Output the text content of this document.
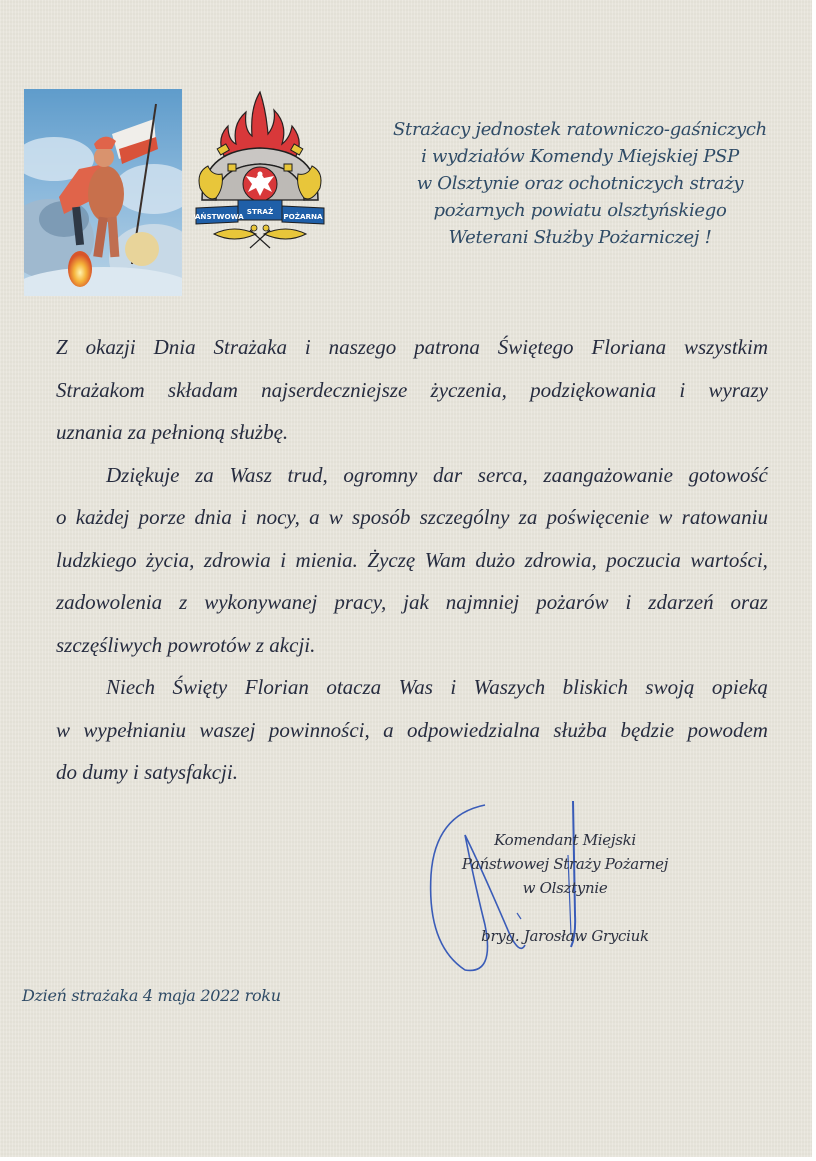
PAŃSTWOWA
STRAŻ
POŻARNA
Strażacy jednostek ratowniczo-gaśniczych
i wydziałów Komendy Miejskiej PSP
w Olsztynie oraz ochotniczych straży
pożarnych powiatu olsztyńskiego
Weterani Służby Pożarniczej !
Z okazji Dnia Strażaka i naszego patrona Świętego Floriana wszystkim
Strażakom składam najserdeczniejsze życzenia, podziękowania i wyrazy
uznania za pełnioną służbę.
Dziękuje za Wasz trud, ogromny dar serca, zaangażowanie gotowość
o każdej porze dnia i nocy, a w sposób szczególny za poświęcenie w ratowaniu
ludzkiego życia, zdrowia i mienia. Życzę Wam dużo zdrowia, poczucia wartości,
zadowolenia z wykonywanej pracy, jak najmniej pożarów i zdarzeń oraz
szczęśliwych powrotów z akcji.
Niech Święty Florian otacza Was i Waszych bliskich swoją opieką
w wypełnianiu waszej powinności, a odpowiedzialna służba będzie powodem
do dumy i satysfakcji.
Komendant Miejski
Państwowej Straży Pożarnej
w Olsztynie
bryg. Jarosław Gryciuk
Dzień strażaka 4 maja 2022 roku
